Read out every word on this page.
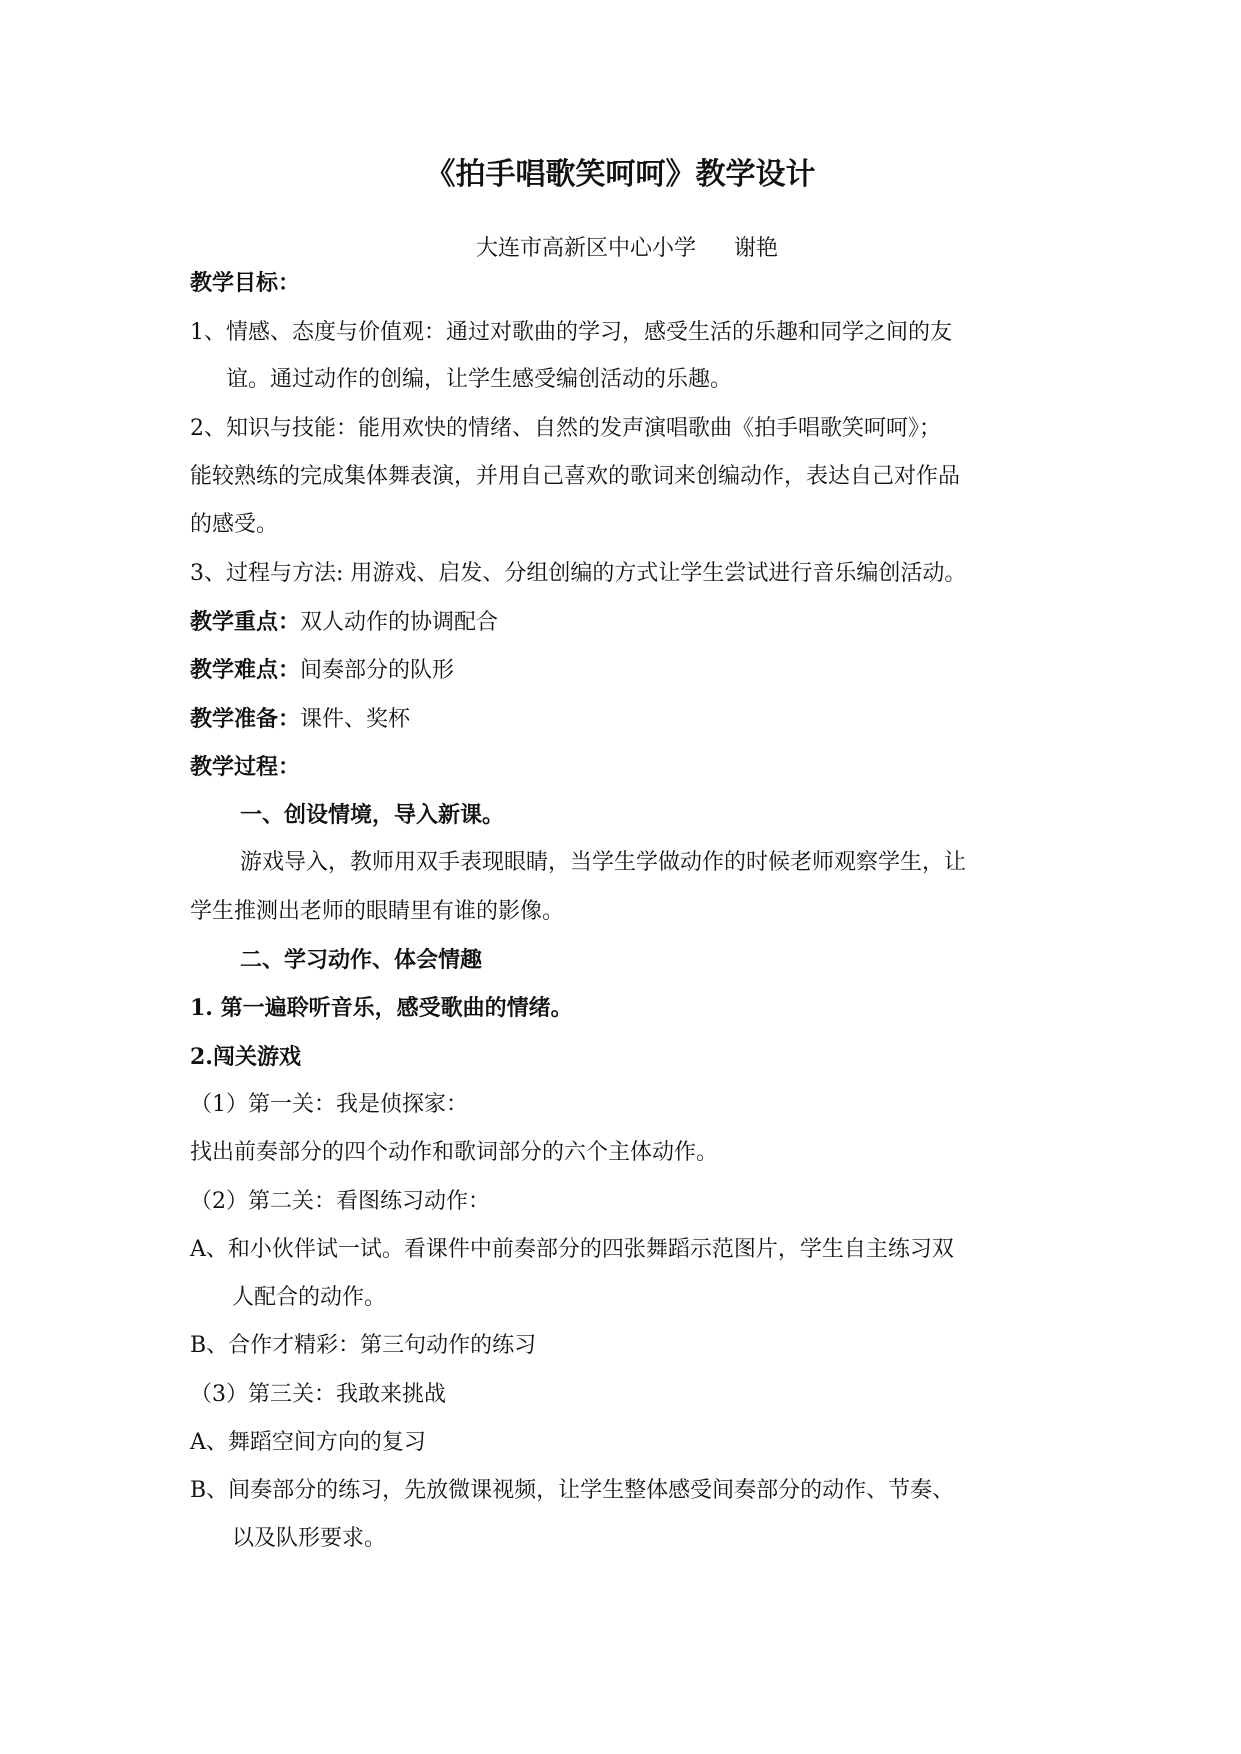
《拍手唱歌笑呵呵》教学设计
大连市高新区中心小学 谢艳
教学目标：
1、情感、态度与价值观：通过对歌曲的学习，感受生活的乐趣和同学之间的友
谊。通过动作的创编，让学生感受编创活动的乐趣。
2、知识与技能：能用欢快的情绪、自然的发声演唱歌曲《拍手唱歌笑呵呵》；
能较熟练的完成集体舞表演，并用自己喜欢的歌词来创编动作，表达自己对作品
的感受。
3、过程与方法: 用游戏、启发、分组创编的方式让学生尝试进行音乐编创活动。
教学重点：双人动作的协调配合
教学难点：间奏部分的队形
教学准备：课件、奖杯
教学过程：
一、创设情境，导入新课。
游戏导入，教师用双手表现眼睛，当学生学做动作的时候老师观察学生，让
学生推测出老师的眼睛里有谁的影像。
二、学习动作、体会情趣
1. 第一遍聆听音乐，感受歌曲的情绪。
2.闯关游戏
（1）第一关：我是侦探家：
找出前奏部分的四个动作和歌词部分的六个主体动作。
（2）第二关：看图练习动作：
A、和小伙伴试一试。看课件中前奏部分的四张舞蹈示范图片，学生自主练习双
人配合的动作。
B、合作才精彩：第三句动作的练习
（3）第三关：我敢来挑战
A、舞蹈空间方向的复习
B、间奏部分的练习，先放微课视频，让学生整体感受间奏部分的动作、节奏、
以及队形要求。
